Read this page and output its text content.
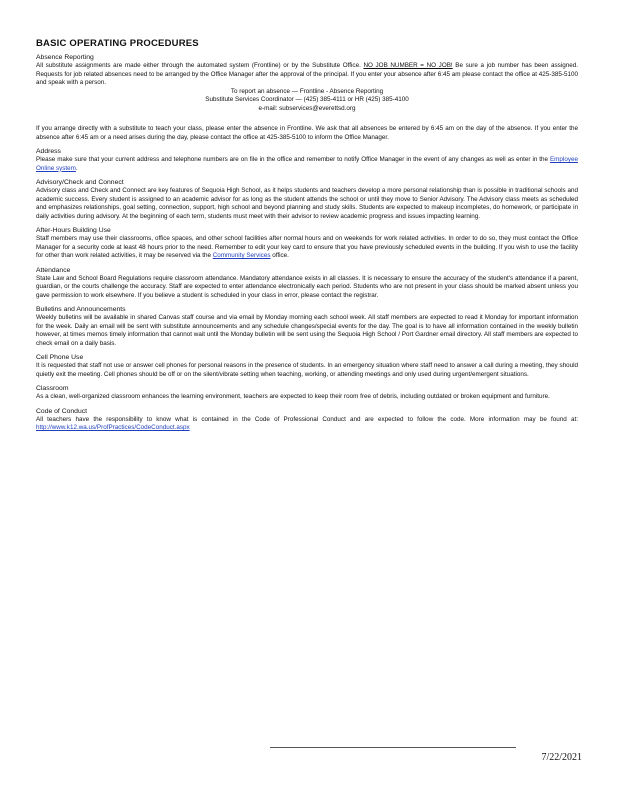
BASIC OPERATING PROCEDURES
Absence Reporting

All substitute assignments are made either through the automated system (Frontline) or by the Substitute Office. NO JOB NUMBER = NO JOB! Be sure a job number has been assigned. Requests for job related absences need to be arranged by the Office Manager after the approval of the principal. If you enter your absence after 6:45 am please contact the office at 425-385-5100 and speak with a person.

To report an absence — Frontline - Absence Reporting

Substitute Services Coordinator — (425) 385-4111 or HR (425) 385-4100

e-mail: subservices@everettsd.org

If you arrange directly with a substitute to teach your class, please enter the absence in Frontline. We ask that all absences be entered by 6:45 am on the day of the absence. If you enter the absence after 6:45 am or a need arises during the day, please contact the office at 425-385-5100 to inform the Office Manager.

Address

Please make sure that your current address and telephone numbers are on file in the office and remember to notify Office Manager in the event of any changes as well as enter in the Employee Online system.

Advisory/Check and Connect

Advisory class and Check and Connect are key features of Sequoia High School, as it helps students and teachers develop a more personal relationship than is possible in traditional schools and academic success. Every student is assigned to an academic advisor for as long as the student attends the school or until they move to Senior Advisory. The Advisory class meets as scheduled and emphasizes relationships, goal setting, connection, support, high school and beyond planning and study skills. Students are expected to makeup incompletes, do homework, or participate in daily activities during advisory. At the beginning of each term, students must meet with their advisor to review academic progress and issues impacting learning.

After-Hours Building Use

Staff members may use their classrooms, office spaces, and other school facilities after normal hours and on weekends for work related activities. In order to do so, they must contact the Office Manager for a security code at least 48 hours prior to the need. Remember to edit your key card to ensure that you have previously scheduled events in the building. If you wish to use the facility for other than work related activities, it may be reserved via the Community Services office.

Attendance

State Law and School Board Regulations require classroom attendance. Mandatory attendance exists in all classes. It is necessary to ensure the accuracy of the student's attendance if a parent, guardian, or the courts challenge the accuracy. Staff are expected to enter attendance electronically each period. Students who are not present in your class should be marked absent unless you gave permission to work elsewhere. If you believe a student is scheduled in your class in error, please contact the registrar.

Bulletins and Announcements

Weekly bulletins will be available in shared Canvas staff course and via email by Monday morning each school week. All staff members are expected to read it Monday for important information for the week. Daily an email will be sent with substitute announcements and any schedule changes/special events for the day. The goal is to have all information contained in the weekly bulletin however, at times memos timely information that cannot wait until the Monday bulletin will be sent using the Sequoia High School / Port Gardner email directory. All staff members are expected to check email on a daily basis.

Cell Phone Use

It is requested that staff not use or answer cell phones for personal reasons in the presence of students. In an emergency situation where staff need to answer a call during a meeting, they should quietly exit the meeting. Cell phones should be off or on the silent/vibrate setting when teaching, working, or attending meetings and only used during urgent/emergent situations.

Classroom

As a clean, well-organized classroom enhances the learning environment, teachers are expected to keep their room free of debris, including outdated or broken equipment and furniture.

Code of Conduct

All teachers have the responsibility to know what is contained in the Code of Professional Conduct and are expected to follow the code. More information may be found at: http://www.k12.wa.us/ProfPractices/CodeConduct.aspx

7/22/2021
